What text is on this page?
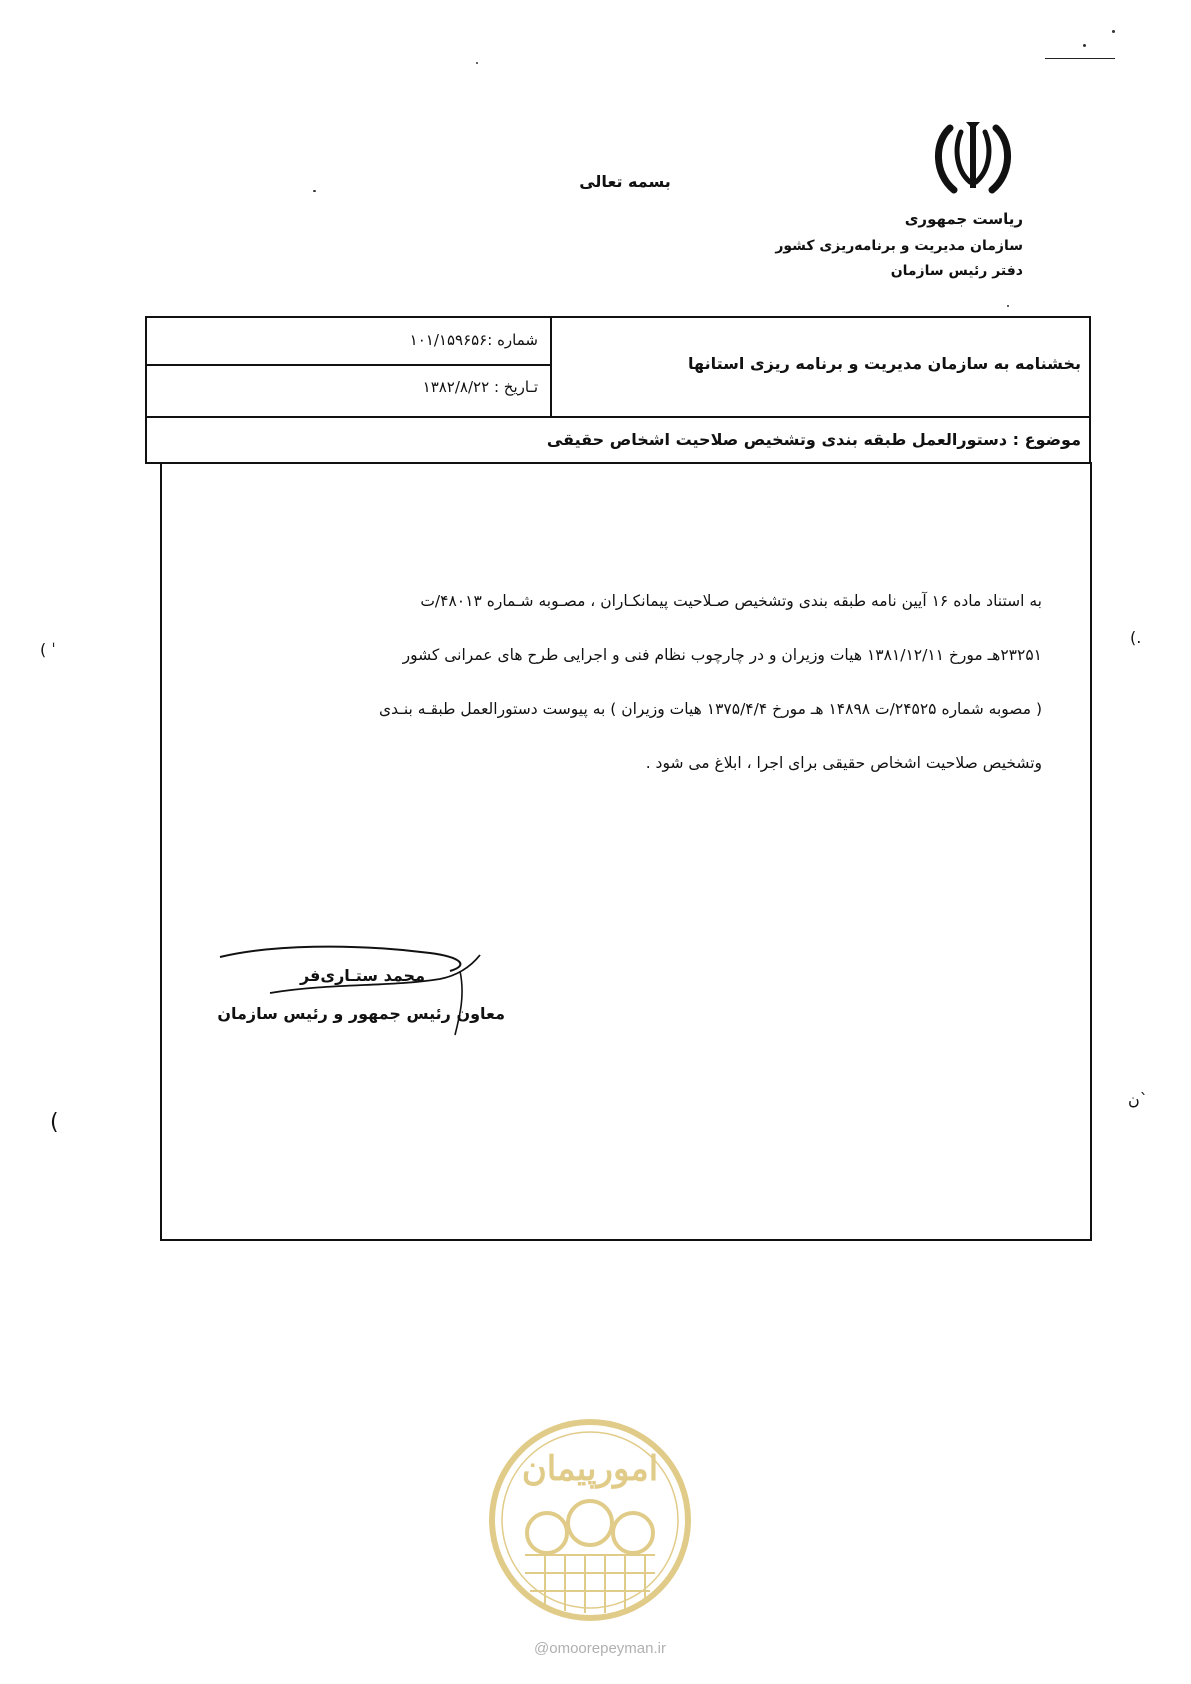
( ˈ
(.
(
ن`
بسمه تعالی
ریاست جمهوری
سازمان مدیریت و برنامه‌ریزی کشور
دفتر رئیس سازمان
شماره :۱۰۱/۱۵۹۶۵۶
تـاریخ : ۱۳۸۲/۸/۲۲
بخشنامه به سازمان مدیریت و برنامه ریزی استانها
موضوع : دستورالعمل طبقه بندی وتشخیص صلاحیت اشخاص حقیقی

به استناد ماده ۱۶ آیین نامه طبقه بندی وتشخیص صـلاحیت پیمانکـاران ، مصـوبه شـماره ۴۸۰۱۳/ت

۲۳۲۵۱هـ مورخ ۱۳۸۱/۱۲/۱۱ هیات وزیران و در چارچوب نظام فنی و اجرایی طرح های عمرانی کشور

( مصوبه شماره ۲۴۵۲۵/ت ۱۴۸۹۸ هـ مورخ ۱۳۷۵/۴/۴ هیات وزیران ) به پیوست دستورالعمل طبقـه بنـدی

وتشخیص صلاحیت اشخاص حقیقی برای اجرا ، ابلاغ می شود .

محمد ستـاری‌فر
معاون رئیس جمهور و رئیس سازمان
امورپیمان
@omoorepeyman.ir
